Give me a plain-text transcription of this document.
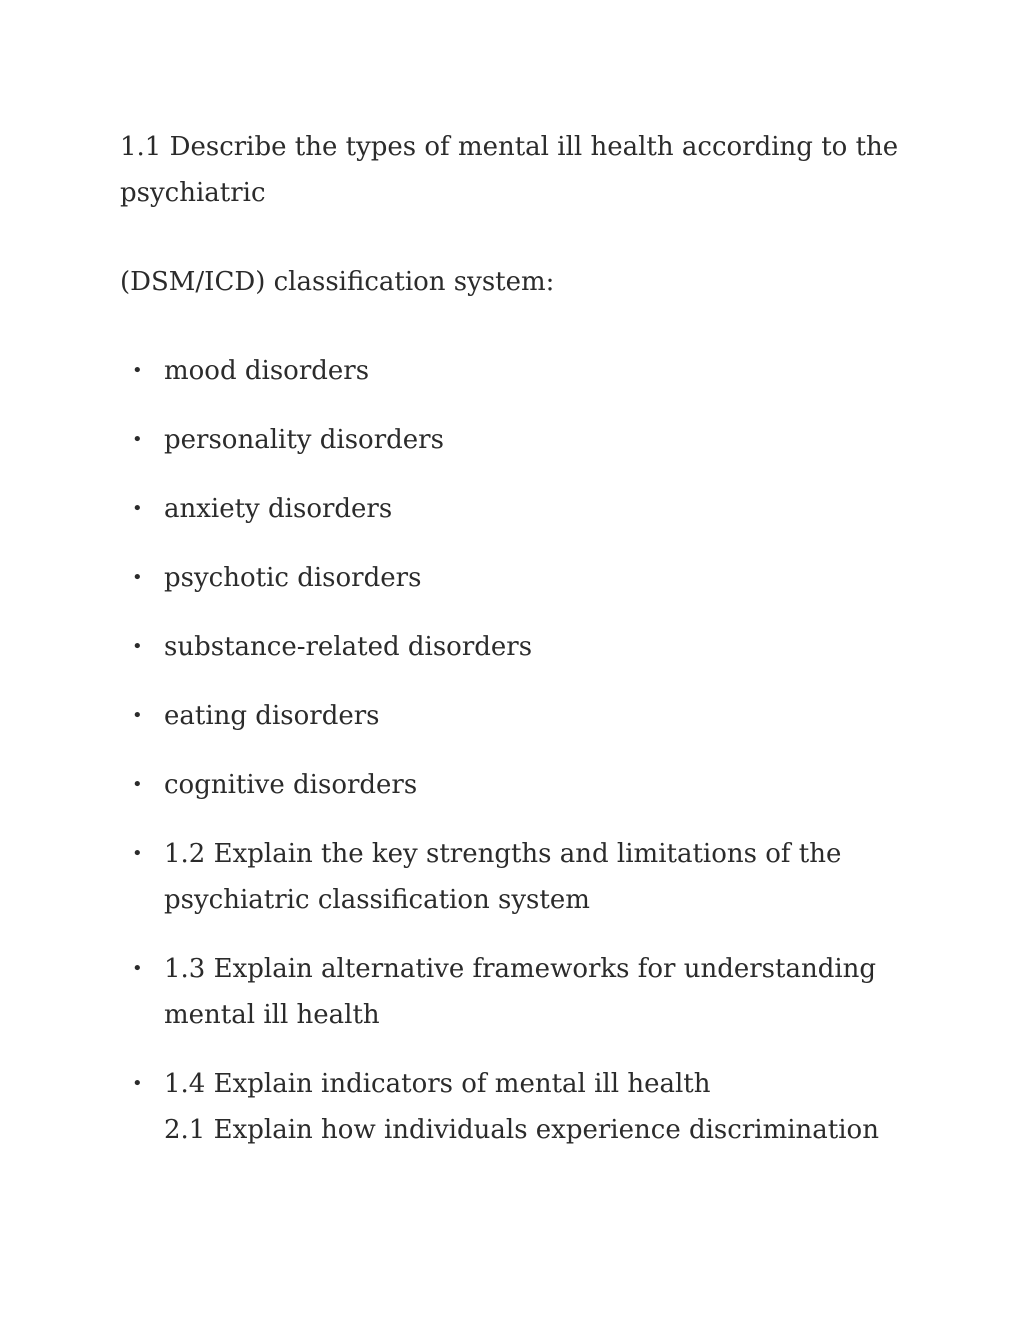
1.1 Describe the types of mental ill health according to the psychiatric

(DSM/ICD) classification system:

• mood disorders
• personality disorders
• anxiety disorders
• psychotic disorders
• substance-related disorders
• eating disorders
• cognitive disorders
• 1.2 Explain the key strengths and limitations of the psychiatric classification system
• 1.3 Explain alternative frameworks for understanding mental ill health
• 1.4 Explain indicators of mental ill health
2.1 Explain how individuals experience discrimination
